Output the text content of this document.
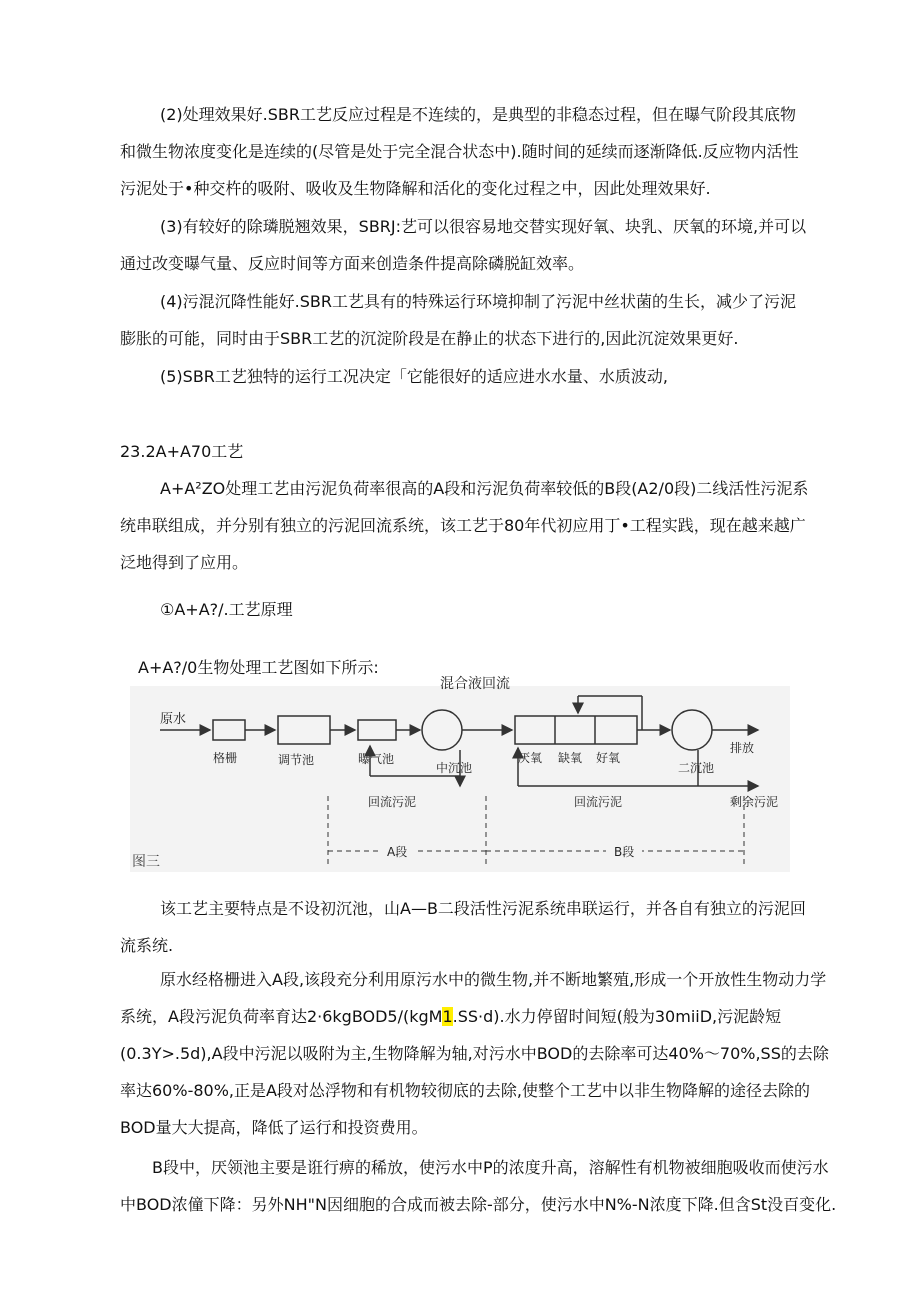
(2)处理效果好.SBR工艺反应过程是不连续的，是典型的非稳态过程，但在曝气阶段其底物和微生物浓度变化是连续的(尽管是处于完全混合状态中).随时间的延续而逐渐降低.反应物内活性污泥处于•种交杵的吸附、吸收及生物降解和活化的变化过程之中，因此处理效果好.

(3)有较好的除璘脱翘效果，SBRJ:艺可以很容易地交替实现好氧、块乳、厌氧的环境,并可以通过改变曝气量、反应时间等方面来创造条件提高除磷脱缸效率。

(4)污混沉降性能好.SBR工艺具有的特殊运行环境抑制了污泥中丝状菌的生长，减少了污泥膨胀的可能，同时由于SBR工艺的沉淀阶段是在静止的状态下进行的,因此沉淀效果更好.

(5)SBR工艺独特的运行工况决定「它能很好的适应进水水量、水质波动,

23.2A+A70工艺

A+A²ZO处理工艺由污泥负荷率很高的A段和污泥负荷率较低的B段(A2/0段)二线活性污泥系统串联组成，并分别有独立的污泥回流系统，该工艺于80年代初应用丁•工程实践，现在越来越广泛地得到了应用。

①A+A?/.工艺原理

A+A?/0生物处理工艺图如下所示:

混合液回流
原水
格栅	调节池	曝气池
中沉池
回流污泥
厌氧 缺氧 好氧
二沉池
排放
回流污泥	剩余污泥
A段	B段
图三

该工艺主要特点是不设初沉池，山A—B二段活性污泥系统串联运行，并各自有独立的污泥回流系统.

原水经格栅进入A段,该段充分利用原污水中的微生物,并不断地繁殖,形成一个开放性生物动力学
系统，A段污泥负荷率育达2·6kgBOD5∕(kgM1.SS·d).水力停留时间短(般为30miiD,污泥龄短
(0.3Y>.5d),A段中污泥以吸附为主,生物降解为轴,对污水中BOD的去除率可达40%～70%,SS的去除
率达60%-80%,正是A段对怂浮物和有机物较彻底的去除,使整个工艺中以非生物降解的途径去除的
BOD量大大提高，降低了运行和投资费用。
B段中，厌领池主要是诳行痹的稀放，使污水中P的浓度升高，溶解性有机物被细胞吸收而使污水
中BOD浓僮下降：另外NH"N因细胞的合成而被去除-部分，使污水中N%-N浓度下降.但含St没百变化.
